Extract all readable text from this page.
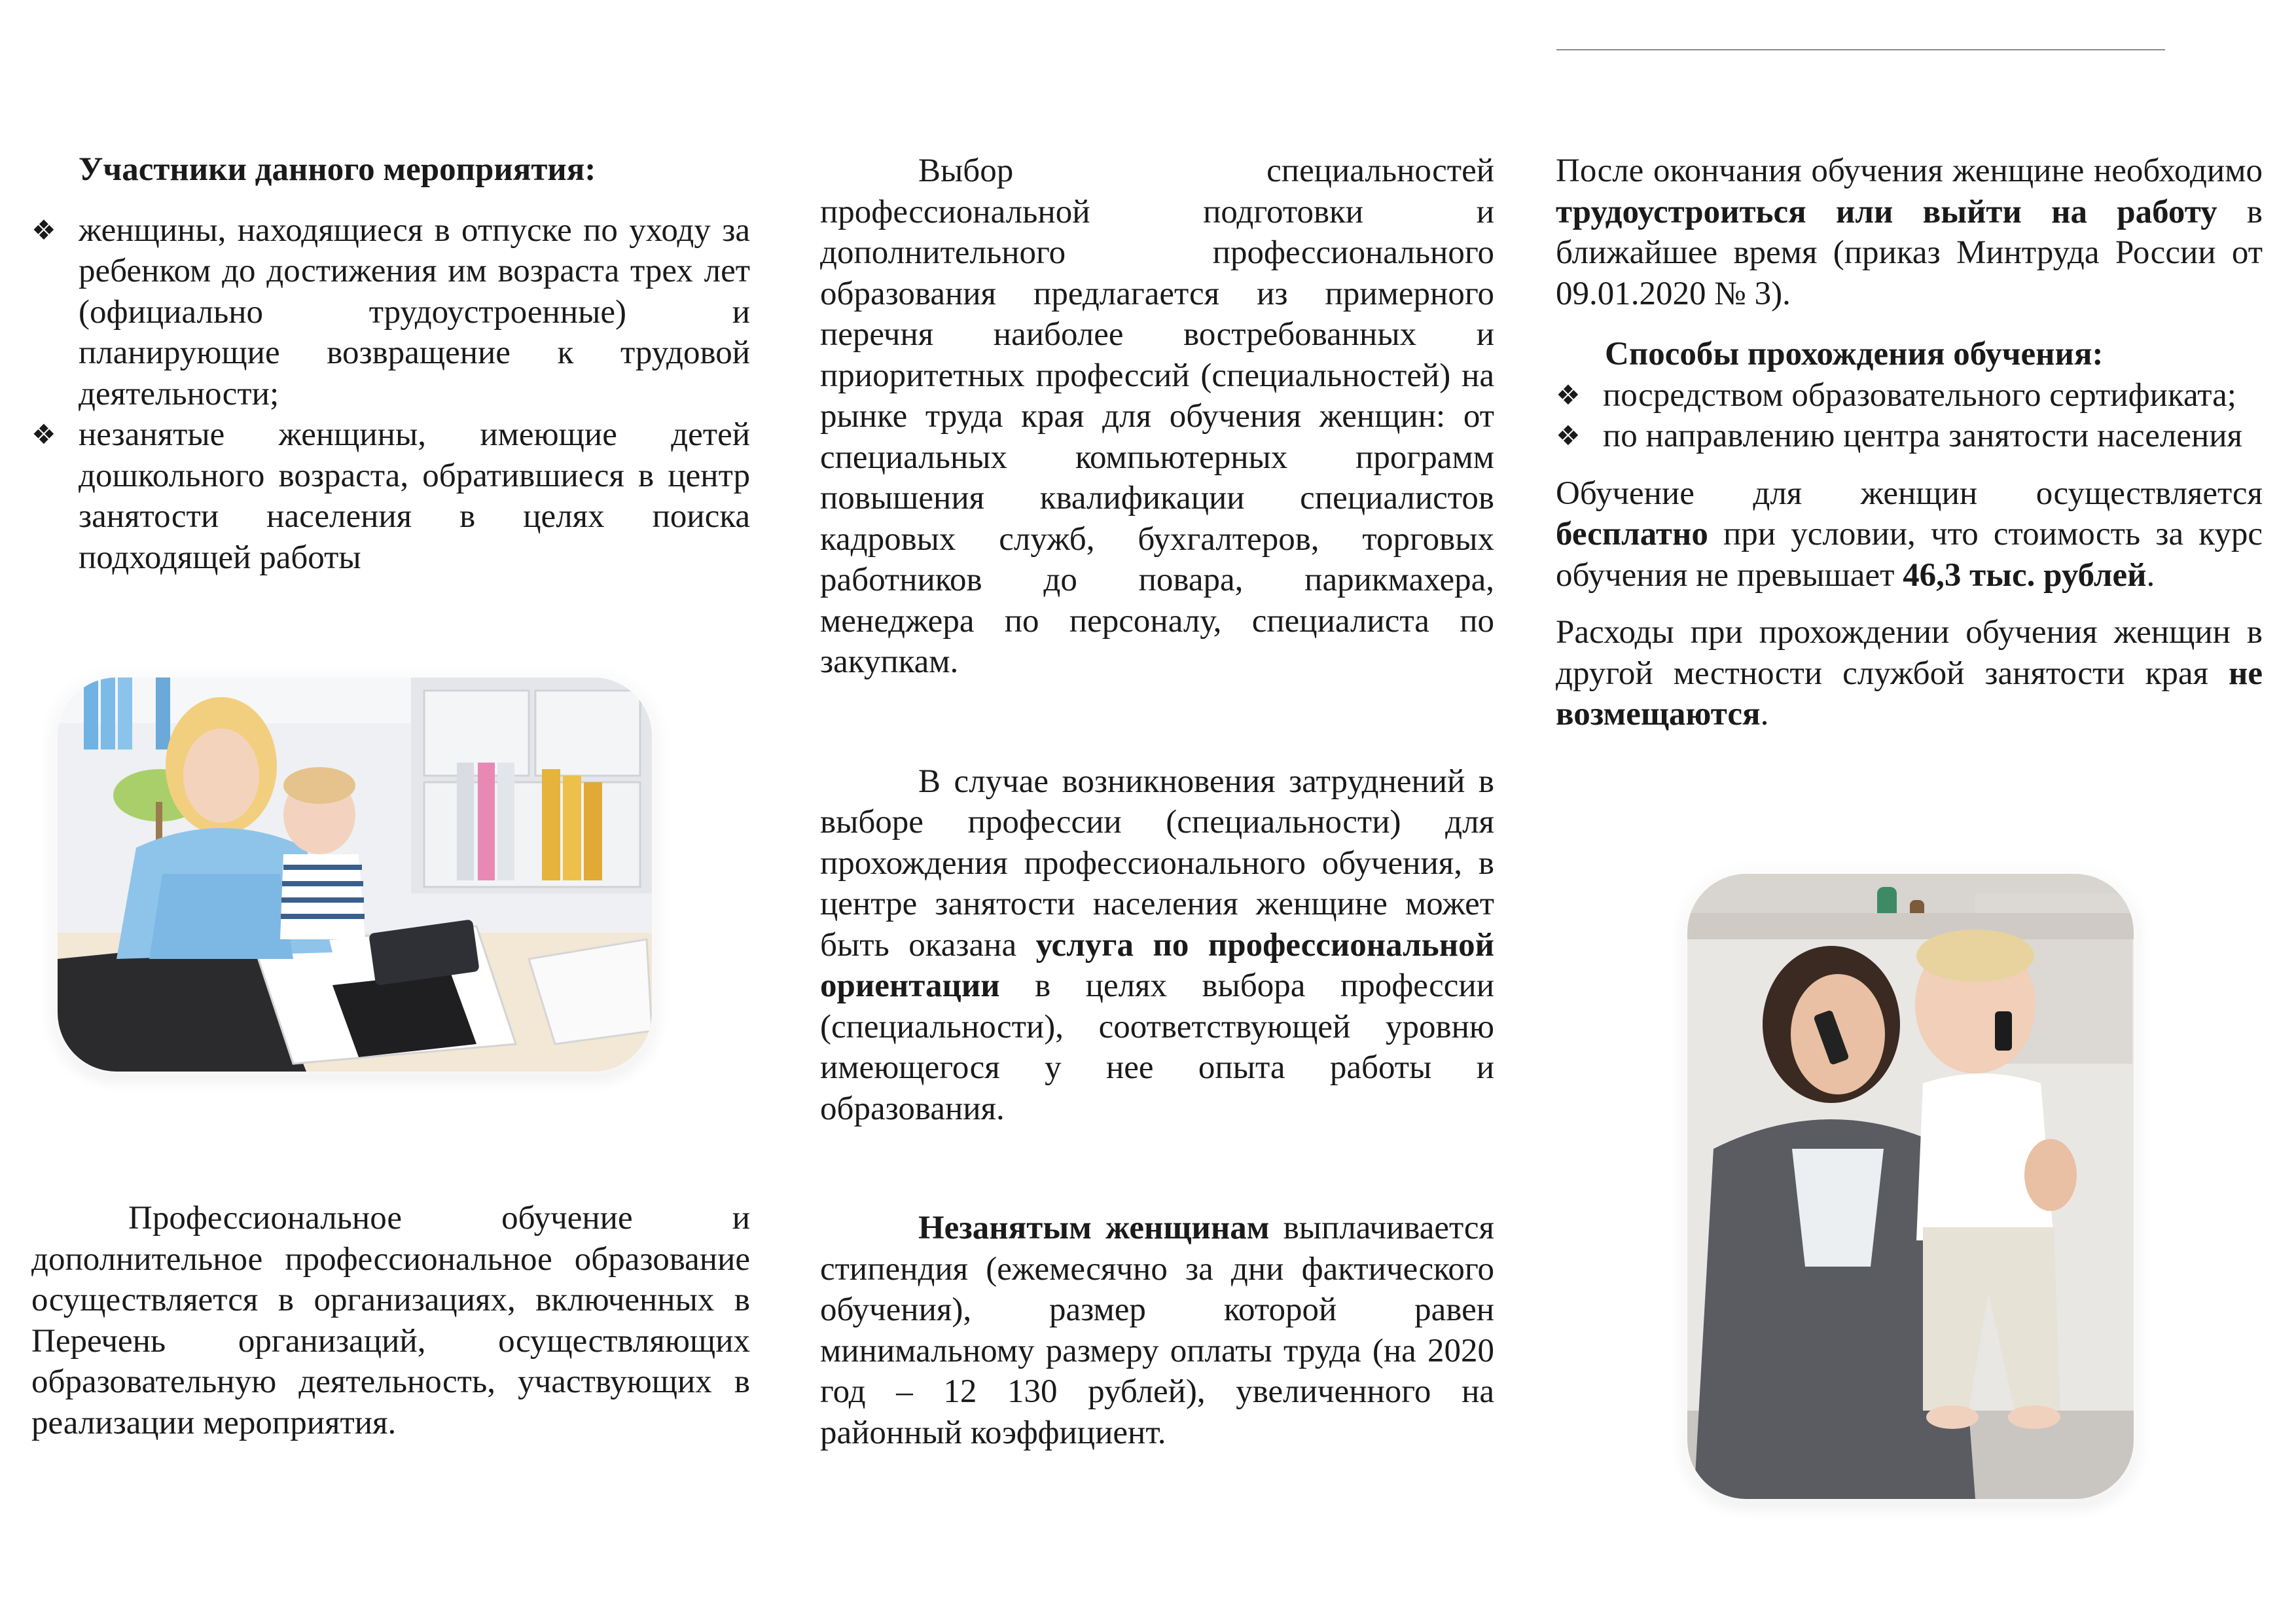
Участники данного мероприятия:

❖ женщины, находящиеся в отпуске по уходу за ребенком до достижения им возраста трех лет (официально трудоустроенные) и планирующие возвращение к трудовой деятельности;
❖ незанятые женщины, имеющие детей дошкольного возраста, обратившиеся в центр занятости населения в целях поиска подходящей работы

Профессиональное обучение и дополнительное профессиональное образование осуществляется в организациях, включенных в Перечень организаций, осуществляющих образовательную деятельность, участвующих в реализации мероприятия.

Выбор специальностей профессиональной подготовки и дополнительного профессионального образования предлагается из примерного перечня наиболее востребованных и приоритетных профессий (специальностей) на рынке труда края для обучения женщин: от специальных компьютерных программ повышения квалификации специалистов кадровых служб, бухгалтеров, торговых работников до повара, парикмахера, менеджера по персоналу, специалиста по закупкам.

В случае возникновения затруднений в выборе профессии (специальности) для прохождения профессионального обучения, в центре занятости населения женщине может быть оказана услуга по профессиональной ориентации в целях выбора профессии (специальности), соответствующей уровню имеющегося у нее опыта работы и образования.

Незанятым женщинам выплачивается стипендия (ежемесячно за дни фактического обучения), размер которой равен минимальному размеру оплаты труда (на 2020 год – 12 130 рублей), увеличенного на районный коэффициент.

После окончания обучения женщине необходимо трудоустроиться или выйти на работу в ближайшее время (приказ Минтруда России от 09.01.2020 № 3).

Способы прохождения обучения:

❖ посредством образовательного сертификата;
❖ по направлению центра занятости населения

Обучение для женщин осуществляется бесплатно при условии, что стоимость за курс обучения не превышает 46,3 тыс. рублей.

Расходы при прохождении обучения женщин в другой местности службой занятости края не возмещаются.
